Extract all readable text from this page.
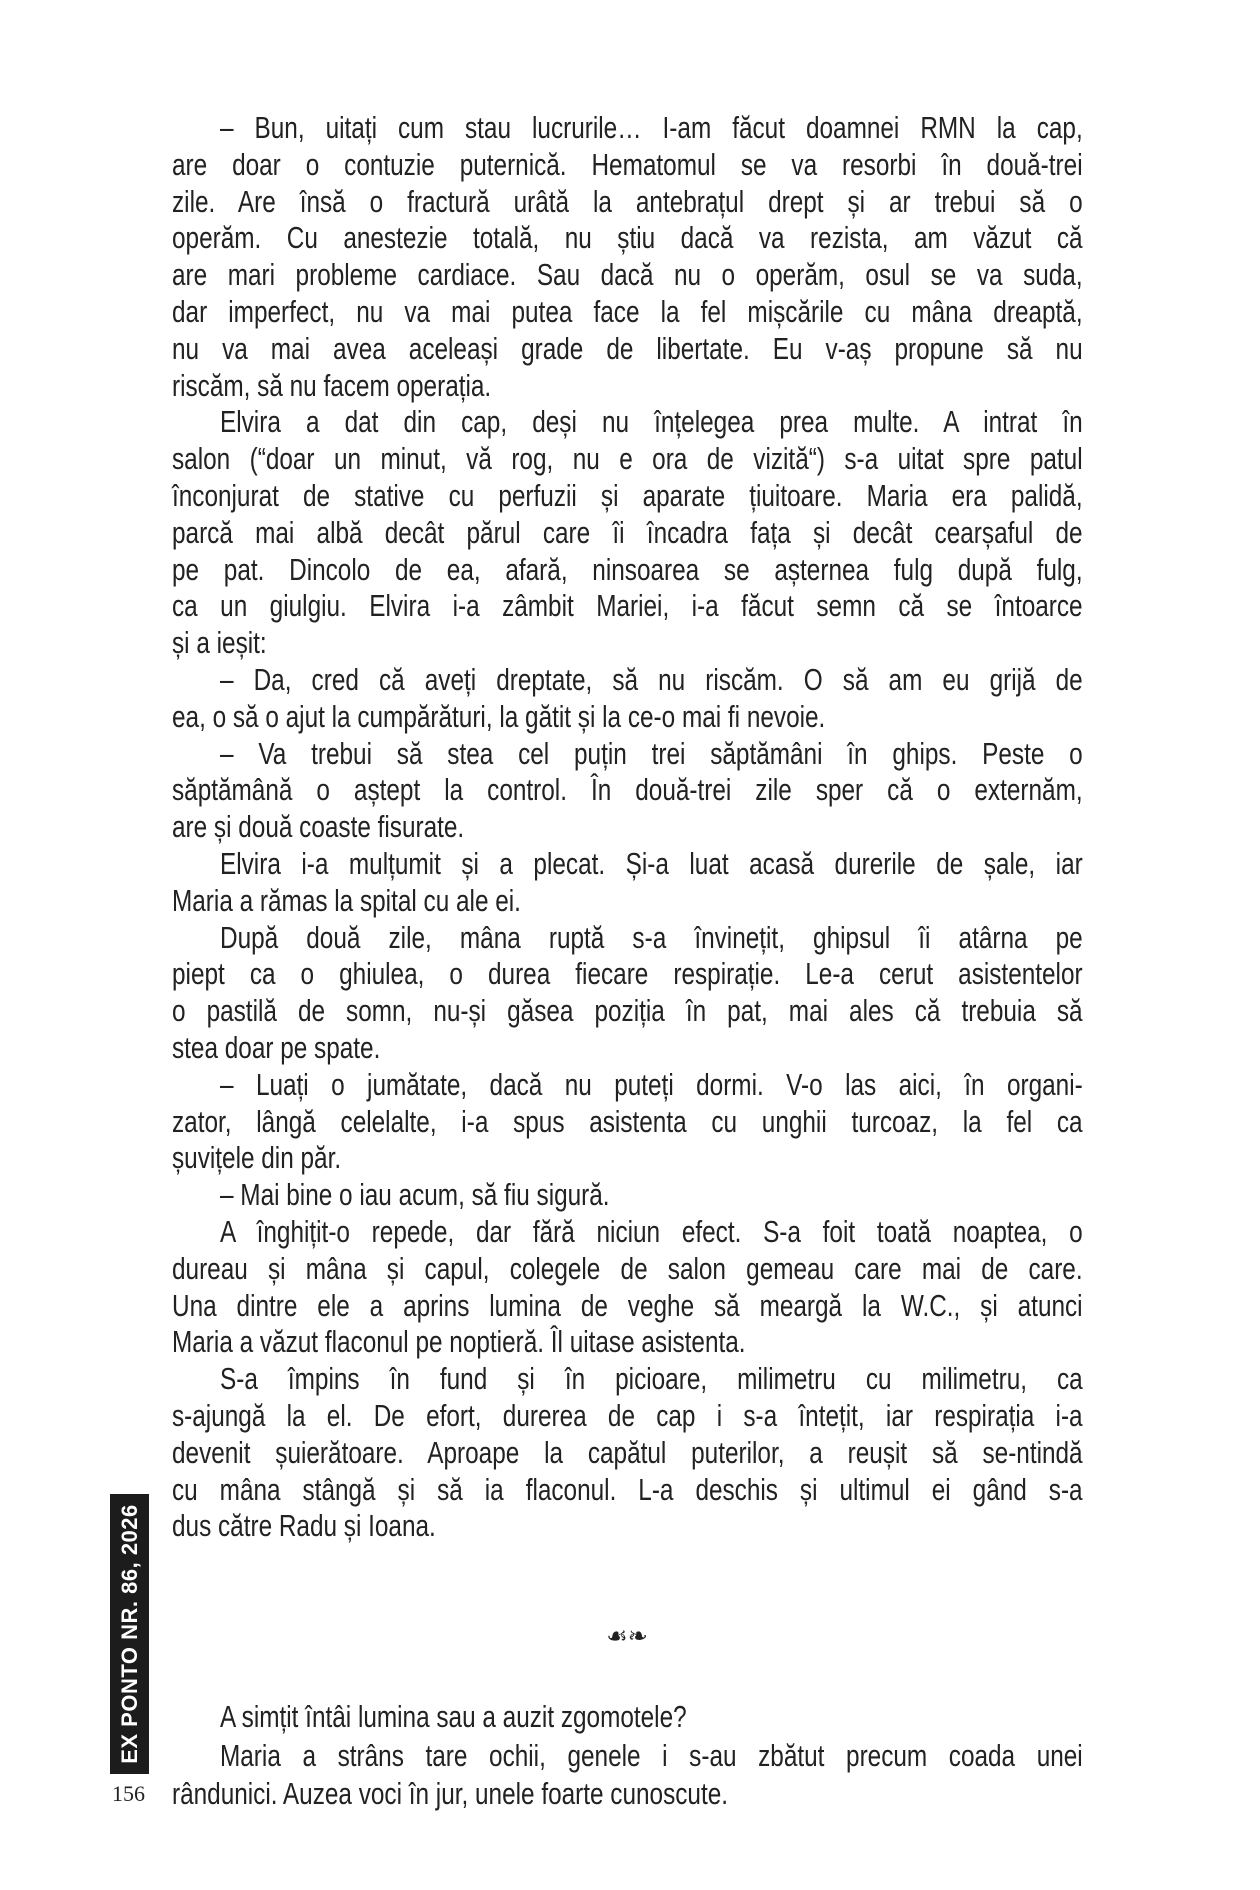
EX PONTO NR. 86, 2026
156
☙❧
– Bun, uitați cum stau lucrurile… I-am făcut doamnei RMN la cap,
are doar o contuzie puternică. Hematomul se va resorbi în două-trei
zile. Are însă o fractură urâtă la antebrațul drept și ar trebui să o
operăm. Cu anestezie totală, nu știu dacă va rezista, am văzut că
are mari probleme cardiace. Sau dacă nu o operăm, osul se va suda,
dar imperfect, nu va mai putea face la fel mișcările cu mâna dreaptă,
nu va mai avea aceleași grade de libertate. Eu v-aș propune să nu
riscăm, să nu facem operația.
Elvira a dat din cap, deși nu înțelegea prea multe. A intrat în
salon (“doar un minut, vă rog, nu e ora de vizită“) s-a uitat spre patul
înconjurat de stative cu perfuzii și aparate țiuitoare. Maria era palidă,
parcă mai albă decât părul care îi încadra fața și decât cearșaful de
pe pat. Dincolo de ea, afară, ninsoarea se așternea fulg după fulg,
ca un giulgiu. Elvira i-a zâmbit Mariei, i-a făcut semn că se întoarce
și a ieșit:
– Da, cred că aveți dreptate, să nu riscăm. O să am eu grijă de
ea, o să o ajut la cumpărături, la gătit și la ce-o mai fi nevoie.
– Va trebui să stea cel puțin trei săptămâni în ghips. Peste o
săptămână o aștept la control. În două-trei zile sper că o externăm,
are și două coaste fisurate.
Elvira i-a mulțumit și a plecat. Și-a luat acasă durerile de șale, iar
Maria a rămas la spital cu ale ei.
După două zile, mâna ruptă s-a învinețit, ghipsul îi atârna pe
piept ca o ghiulea, o durea fiecare respirație. Le-a cerut asistentelor
o pastilă de somn, nu-și găsea poziția în pat, mai ales că trebuia să
stea doar pe spate.
– Luați o jumătate, dacă nu puteți dormi. V-o las aici, în organi-
zator, lângă celelalte, i-a spus asistenta cu unghii turcoaz, la fel ca
șuvițele din păr.
– Mai bine o iau acum, să fiu sigură.
A înghițit-o repede, dar fără niciun efect. S-a foit toată noaptea, o
dureau și mâna și capul, colegele de salon gemeau care mai de care.
Una dintre ele a aprins lumina de veghe să meargă la W.C., și atunci
Maria a văzut flaconul pe noptieră. Îl uitase asistenta.
S-a împins în fund și în picioare, milimetru cu milimetru, ca
s-ajungă la el. De efort, durerea de cap i s-a întețit, iar respirația i-a
devenit șuierătoare. Aproape la capătul puterilor, a reușit să se-ntindă
cu mâna stângă și să ia flaconul. L-a deschis și ultimul ei gând s-a
dus către Radu și Ioana.
A simțit întâi lumina sau a auzit zgomotele?
Maria a strâns tare ochii, genele i s-au zbătut precum coada unei
rândunici. Auzea voci în jur, unele foarte cunoscute.
